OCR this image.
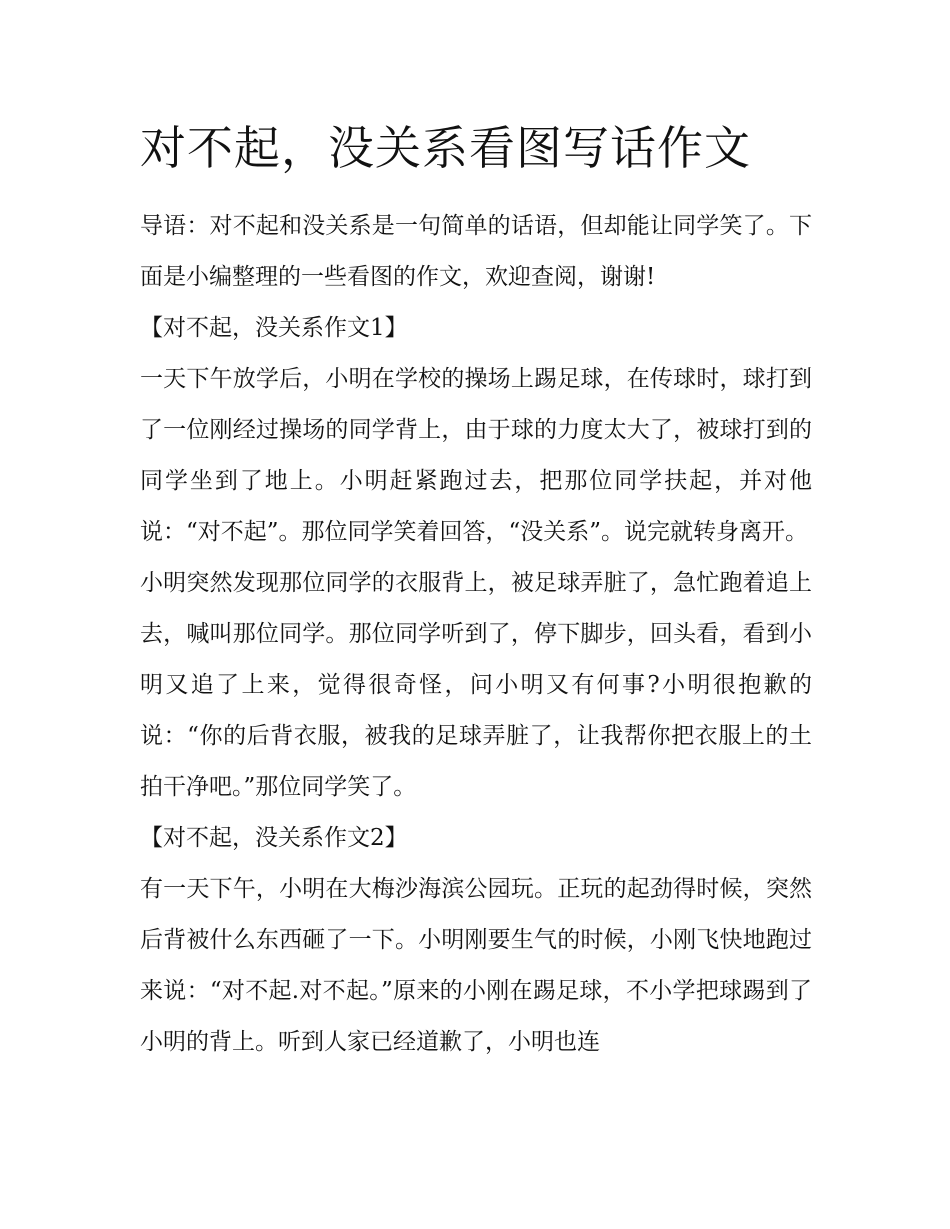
对不起，没关系看图写话作文

导语：对不起和没关系是一句简单的话语，但却能让同学笑了。下面是小编整理的一些看图的作文，欢迎查阅，谢谢!

【对不起，没关系作文1】

一天下午放学后，小明在学校的操场上踢足球，在传球时，球打到了一位刚经过操场的同学背上，由于球的力度太大了，被球打到的同学坐到了地上。小明赶紧跑过去，把那位同学扶起，并对他说：“对不起”。那位同学笑着回答，“没关系”。说完就转身离开。

小明突然发现那位同学的衣服背上，被足球弄脏了，急忙跑着追上去，喊叫那位同学。那位同学听到了，停下脚步，回头看，看到小明又追了上来，觉得很奇怪，问小明又有何事?小明很抱歉的说：“你的后背衣服，被我的足球弄脏了，让我帮你把衣服上的土拍干净吧。”那位同学笑了。

【对不起，没关系作文2】

有一天下午，小明在大梅沙海滨公园玩。正玩的起劲得时候，突然后背被什么东西砸了一下。小明刚要生气的时候，小刚飞快地跑过来说：“对不起.对不起。”原来的小刚在踢足球，不小学把球踢到了小明的背上。听到人家已经道歉了，小明也连
